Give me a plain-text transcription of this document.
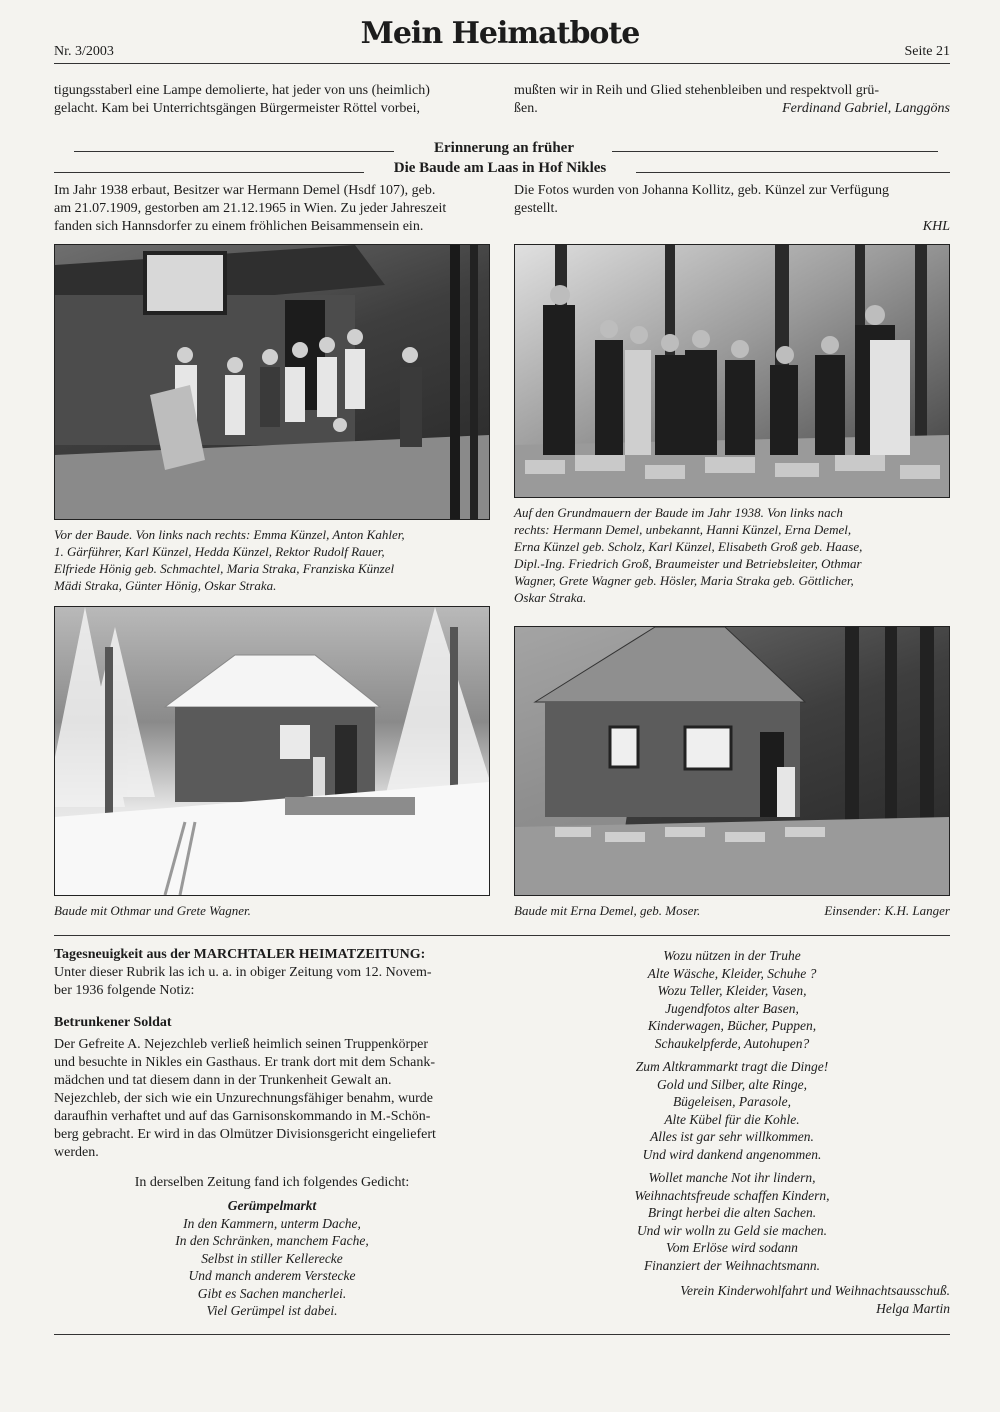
Nr. 3/2003
Mein Heimatbote
Seite 21
tigungsstaberl eine Lampe demolierte, hat jeder von uns (heimlich)
gelacht. Kam bei Unterrichtsgängen Bürgermeister Röttel vorbei,
mußten wir in Reih und Glied stehenbleiben und respektvoll grü-
ßen.	Ferdinand Gabriel, Langgöns
Erinnerung an früher
Die Baude am Laas in Hof Nikles
Im Jahr 1938 erbaut, Besitzer war Hermann Demel (Hsdf 107), geb.
am 21.07.1909, gestorben am 21.12.1965 in Wien. Zu jeder Jahreszeit
fanden sich Hannsdorfer zu einem fröhlichen Beisammensein ein.
Die Fotos wurden von Johanna Kollitz, geb. Künzel zur Verfügung
gestellt.
KHL
Vor der Baude. Von links nach rechts: Emma Künzel, Anton Kahler,
1. Gärführer, Karl Künzel, Hedda Künzel, Rektor Rudolf Rauer,
Elfriede Hönig geb. Schmachtel, Maria Straka, Franziska Künzel
Mädi Straka, Günter Hönig, Oskar Straka.
Auf den Grundmauern der Baude im Jahr 1938. Von links nach
rechts: Hermann Demel, unbekannt, Hanni Künzel, Erna Demel,
Erna Künzel geb. Scholz, Karl Künzel, Elisabeth Groß geb. Haase,
Dipl.-Ing. Friedrich Groß, Braumeister und Betriebsleiter, Othmar
Wagner, Grete Wagner geb. Hösler, Maria Straka geb. Göttlicher,
Oskar Straka.
Baude mit Othmar und Grete Wagner.	Baude mit Erna Demel, geb. Moser.	Einsender: K.H. Langer
Tagesneuigkeit aus der MARCHTALER HEIMATZEITUNG:
Unter dieser Rubrik las ich u. a. in obiger Zeitung vom 12. Novem-
ber 1936 folgende Notiz:
Betrunkener Soldat
Der Gefreite A. Nejezchleb verließ heimlich seinen Truppenkörper
und besuchte in Nikles ein Gasthaus. Er trank dort mit dem Schank-
mädchen und tat diesem dann in der Trunkenheit Gewalt an.
Nejezchleb, der sich wie ein Unzurechnungsfähiger benahm, wurde
daraufhin verhaftet und auf das Garnisonskommando in M.-Schön-
berg gebracht. Er wird in das Olmützer Divisionsgericht eingeliefert
werden.
In derselben Zeitung fand ich folgendes Gedicht:
Gerümpelmarkt
In den Kammern, unterm Dache,
In den Schränken, manchem Fache,
Selbst in stiller Kellerecke
Und manch anderem Verstecke
Gibt es Sachen mancherlei.
Viel Gerümpel ist dabei.
Wozu nützen in der Truhe
Alte Wäsche, Kleider, Schuhe ?
Wozu Teller, Kleider, Vasen,
Jugendfotos alter Basen,
Kinderwagen, Bücher, Puppen,
Schaukelpferde, Autohupen?
Zum Altkrammarkt tragt die Dinge!
Gold und Silber, alte Ringe,
Bügeleisen, Parasole,
Alte Kübel für die Kohle.
Alles ist gar sehr willkommen.
Und wird dankend angenommen.
Wollet manche Not ihr lindern,
Weihnachtsfreude schaffen Kindern,
Bringt herbei die alten Sachen.
Und wir wolln zu Geld sie machen.
Vom Erlöse wird sodann
Finanziert der Weihnachtsmann.
Verein Kinderwohlfahrt und Weihnachtsausschuß.
Helga Martin
